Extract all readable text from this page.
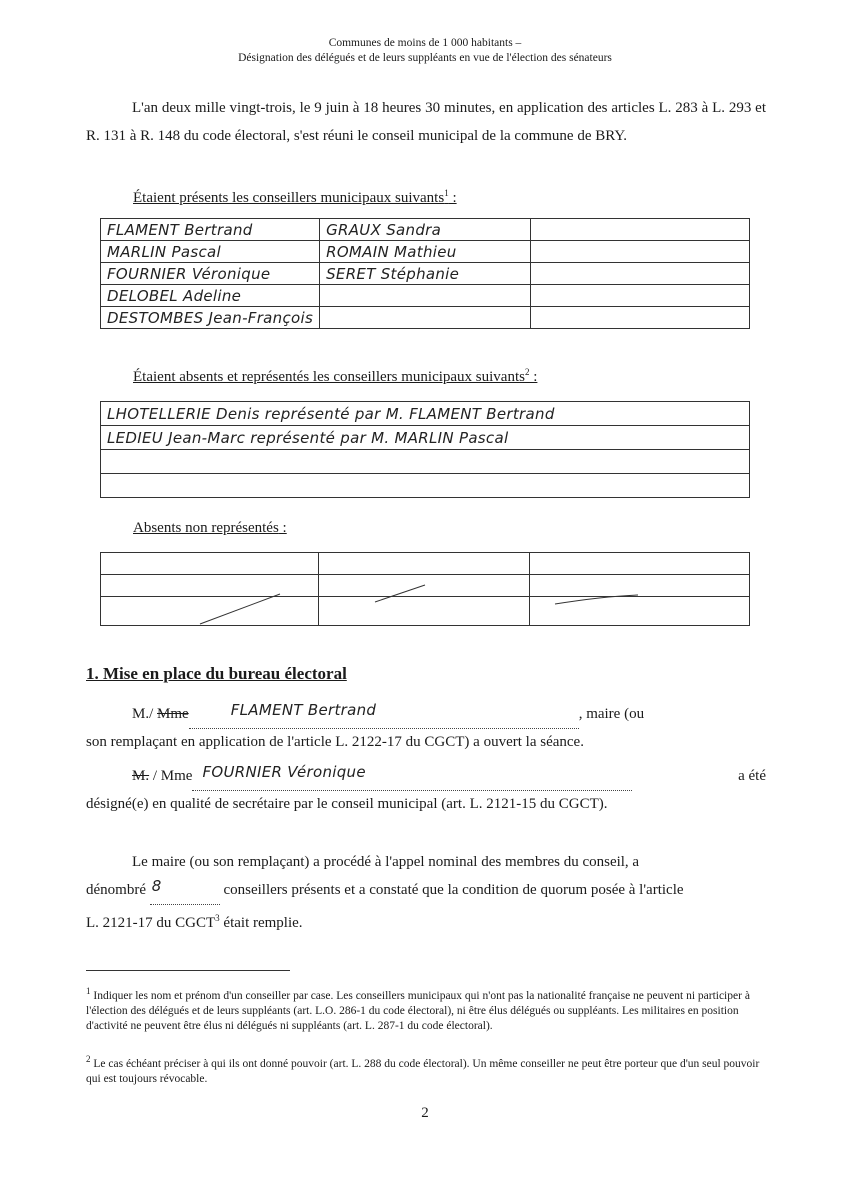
Communes de moins de 1 000 habitants –
Désignation des délégués et de leurs suppléants en vue de l'élection des sénateurs
L'an deux mille vingt-trois, le 9 juin à 18 heures 30 minutes, en application des articles L. 283 à L. 293 et R. 131 à R. 148 du code électoral, s'est réuni le conseil municipal de la commune de BRY.
Étaient présents les conseillers municipaux suivants$^1$ :
FLAMENT Bertrand	GRAUX Sandra	
MARLIN Pascal	ROMAIN Mathieu	
FOURNIER Véronique	SERET Stéphanie	
DELOBEL Adeline		
DESTOMBES Jean-François		
Étaient absents et représentés les conseillers municipaux suivants$^2$ :
LHOTELLERIE Denis représenté par M. FLAMENT Bertrand
LEDIEU Jean-Marc représenté par M. MARLIN Pascal

Absents non représentés :

1. Mise en place du bureau électoral
M./ Mme	FLAMENT Bertrand	, maire (ou
son remplaçant en application de l'article L. 2122-17 du CGCT) a ouvert la séance.
M. / Mme FOURNIER Véronique
	a été
désigné(e) en qualité de secrétaire par le conseil municipal (art. L. 2121-15 du CGCT).
Le maire (ou son remplaçant) a procédé à l'appel nominal des membres du conseil, a
dénombré 8	conseillers présents et a constaté que la condition de quorum posée à l'article
L. 2121-17 du CGCT$^3$ était remplie.
$^1$ Indiquer les nom et prénom d'un conseiller par case. Les conseillers municipaux qui n'ont pas la nationalité française ne peuvent ni participer à l'élection des délégués et de leurs suppléants (art. L.O. 286-1 du code électoral), ni être élus délégués ou suppléants. Les militaires en position d'activité ne peuvent être élus ni délégués ni suppléants (art. L. 287-1 du code électoral).
$^2$ Le cas échéant préciser à qui ils ont donné pouvoir (art. L. 288 du code électoral). Un même conseiller ne peut être porteur que d'un seul pouvoir qui est toujours révocable.
2
